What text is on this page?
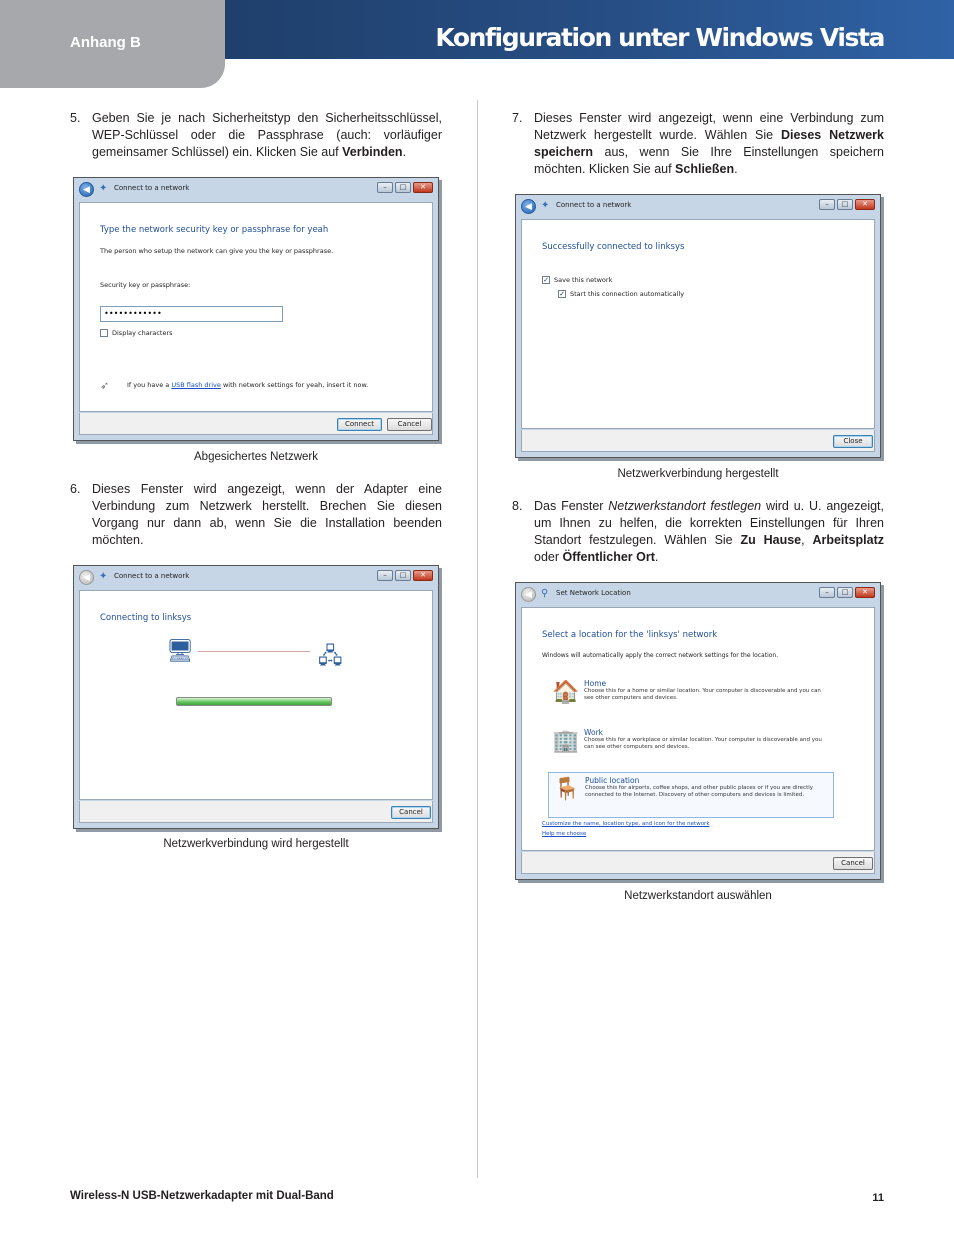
Anhang B	Konfiguration unter Windows Vista
5. Geben Sie je nach Sicherheitstyp den Sicherheitsschlüssel, WEP-Schlüssel oder die Passphrase (auch: vorläufiger gemeinsamer Schlüssel) ein. Klicken Sie auf Verbinden.
◀ ✦ Connect to a network	–	□	✕
Type the network security key or passphrase for yeah
The person who setup the network can give you the key or passphrase.
Security key or passphrase:
••••••••••••
Display characters
➶	If you have a USB flash drive with network settings for yeah, insert it now.
Connect	Cancel
Abgesichertes Netzwerk
6. Dieses Fenster wird angezeigt, wenn der Adapter eine Verbindung zum Netzwerk herstellt. Brechen Sie diesen Vorgang nur dann ab, wenn Sie die Installation beenden möchten.
◀ ✦ Connect to a network	–	□	✕
Connecting to linksys
🖥	🖧
Cancel
Netzwerkverbindung wird hergestellt
7. Dieses Fenster wird angezeigt, wenn eine Verbindung zum Netzwerk hergestellt wurde. Wählen Sie Dieses Netzwerk speichern aus, wenn Sie Ihre Einstellungen speichern möchten. Klicken Sie auf Schließen.
◀ ✦ Connect to a network	–	□	✕
Successfully connected to linksys
✓ Save this network
✓ Start this connection automatically
Close
Netzwerkverbindung hergestellt
8. Das Fenster Netzwerkstandort festlegen wird u. U. angezeigt, um Ihnen zu helfen, die korrekten Einstellungen für Ihren Standort festzulegen. Wählen Sie Zu Hause, Arbeitsplatz oder Öffentlicher Ort.
◀ ⚲ Set Network Location	–	□	✕
Select a location for the 'linksys' network
Windows will automatically apply the correct network settings for the location.
🏠 Home
Choose this for a home or similar location. Your computer is discoverable and you can see other computers and devices.
🏢 Work
Choose this for a workplace or similar location. Your computer is discoverable and you can see other computers and devices.
🪑 Public location
Choose this for airports, coffee shops, and other public places or if you are directly connected to the Internet. Discovery of other computers and devices is limited.
Customize the name, location type, and icon for the network
Help me choose
Cancel
Netzwerkstandort auswählen
Wireless-N USB-Netzwerkadapter mit Dual-Band	11
